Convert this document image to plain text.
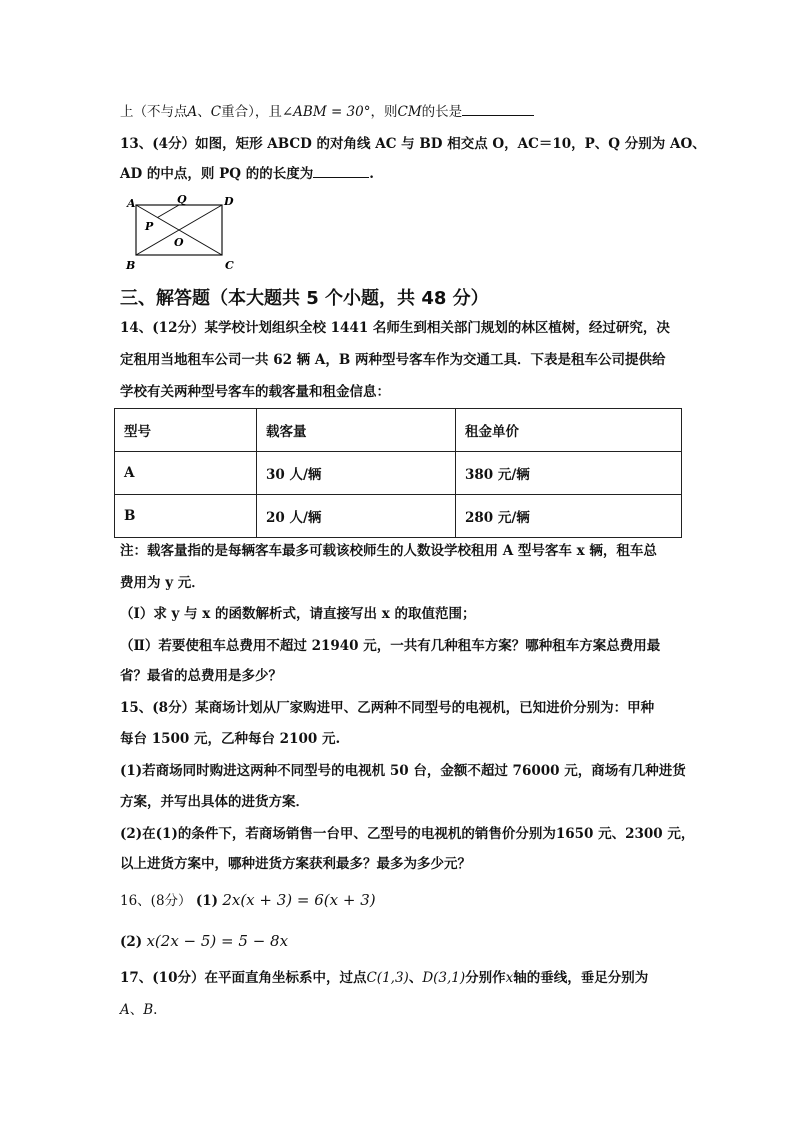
上（不与点A、C重合），且∠ABM = 30°，则CM的长是
13、(4分）如图，矩形 ABCD 的对角线 AC 与 BD 相交点 O，AC＝10，P、Q 分别为 AO、
AD 的中点，则 PQ 的的长度为	.
A	Q	D
P
O
B	C
三、解答题（本大题共 5 个小题，共 48 分）
14、(12分）某学校计划组织全校 1441 名师生到相关部门规划的林区植树，经过研究，决
定租用当地租车公司一共 62 辆 A，B 两种型号客车作为交通工具．下表是租车公司提供给
学校有关两种型号客车的载客量和租金信息：
型号	载客量	租金单价
A	30 人/辆	380 元/辆
B	20 人/辆	280 元/辆
注：载客量指的是每辆客车最多可载该校师生的人数设学校租用 A 型号客车 x 辆，租车总
费用为 y 元．
（Ⅰ）求 y 与 x 的函数解析式，请直接写出 x 的取值范围；
（Ⅱ）若要使租车总费用不超过 21940 元，一共有几种租车方案？哪种租车方案总费用最
省？最省的总费用是多少？
15、(8分）某商场计划从厂家购进甲、乙两种不同型号的电视机，已知进价分别为：甲种
每台 1500 元，乙种每台 2100 元.
(1)若商场同时购进这两种不同型号的电视机 50 台，金额不超过 76000 元，商场有几种进货
方案，并写出具体的进货方案．
(2)在(1)的条件下，若商场销售一台甲、乙型号的电视机的销售价分别为1650 元、2300 元，
以上进货方案中，哪种进货方案获利最多？最多为多少元？
16、(8分） (1) 2x(x + 3) = 6(x + 3)
(2) x(2x − 5) = 5 − 8x
17、(10分）在平面直角坐标系中，过点C(1,3)、D(3,1)分别作x轴的垂线，垂足分别为
A、B.
